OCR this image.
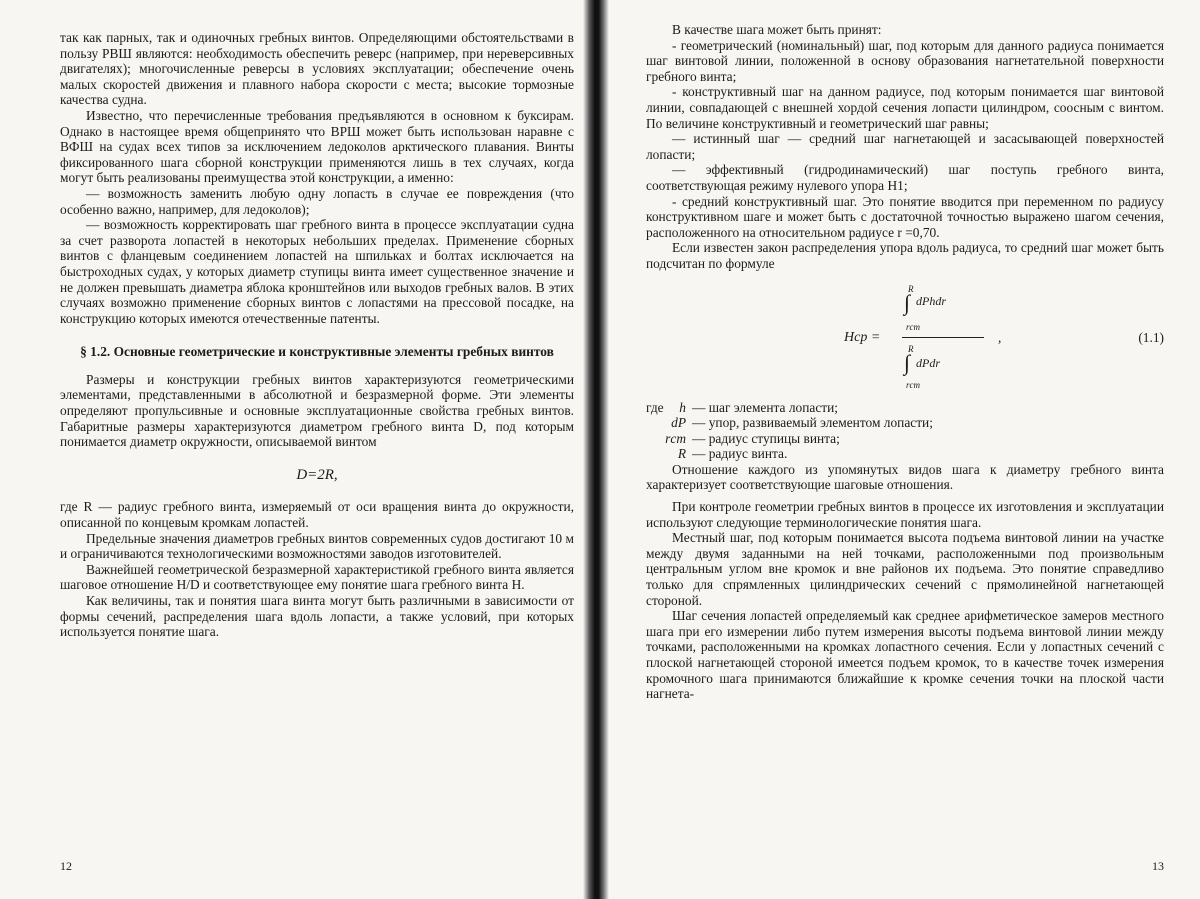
так как парных, так и одиночных гребных винтов. Определяющими обстоятельствами в пользу РВШ являются: необходимость обеспечить реверс (например, при нереверсивных двигателях); многочисленные реверсы в условиях эксплуатации; обеспечение очень малых скоростей движения и плавного набора скорости с места; высокие тормозные качества судна.

Известно, что перечисленные требования предъявляются в основном к буксирам. Однако в настоящее время общепринято что ВРШ может быть использован наравне с ВФШ на судах всех типов за исключением ледоколов арктического плавания. Винты фиксированного шага сборной конструкции применяются лишь в тех случаях, когда могут быть реализованы преимущества этой конструкции, а именно:

— возможность заменить любую одну лопасть в случае ее повреждения (что особенно важно, например, для ледоколов);

— возможность корректировать шаг гребного винта в процессе эксплуатации судна за счет разворота лопастей в некоторых небольших пределах. Применение сборных винтов с фланцевым соединением лопастей на шпильках и болтах исключается на быстроходных судах, у которых диаметр ступицы винта имеет существенное значение и не должен превышать диаметра яблока кронштейнов или выходов гребных валов. В этих случаях возможно применение сборных винтов с лопастями на прессовой посадке, на конструкцию которых имеются отечественные патенты.

§ 1.2. Основные геометрические и конструктивные элементы гребных винтов

Размеры и конструкции гребных винтов характеризуются геометрическими элементами, представленными в абсолютной и безразмерной форме. Эти элементы определяют пропульсивные и основные эксплуатационные свойства гребных винтов. Габаритные размеры характеризуются диаметром гребного винта D, под которым понимается диаметр окружности, описываемой винтом

D=2R,

где R — радиус гребного винта, измеряемый от оси вращения винта до окружности, описанной по концевым кромкам лопастей.

Предельные значения диаметров гребных винтов современных судов достигают 10 м и ограничиваются технологическими возможностями заводов изготовителей.

Важнейшей геометрической безразмерной характеристикой гребного винта является шаговое отношение H/D и соответствующее ему понятие шага гребного винта H.

Как величины, так и понятия шага винта могут быть различными в зависимости от формы сечений, распределения шага вдоль лопасти, а также условий, при которых используется понятие шага.

12

В качестве шага может быть принят:

- геометрический (номинальный) шаг, под которым для данного радиуса понимается шаг винтовой линии, положенной в основу образования нагнетательной поверхности гребного винта;

- конструктивный шаг на данном радиусе, под которым понимается шаг винтовой линии, совпадающей с внешней хордой сечения лопасти цилиндром, соосным с винтом. По величине конструктивный и геометрический шаг равны;

— истинный шаг — средний шаг нагнетающей и засасывающей поверхностей лопасти;

— эффективный (гидродинамический) шаг поступь гребного винта, соответствующая режиму нулевого упора H1;

- средний конструктивный шаг. Это понятие вводится при переменном по радиусу конструктивном шаге и может быть с достаточной точностью выражено шагом сечения, расположенного на относительном радиусе r =0,70.

Если известен закон распределения упора вдоль радиуса, то средний шаг может быть подсчитан по формуле

Hср =
R
∫ dPhdr
rст
R
∫ dPdr
rст
,	(1.1)
где	h — шаг элемента лопасти;
dP — упор, развиваемый элементом лопасти;
rст — радиус ступицы винта;
R — радиус винта.

Отношение каждого из упомянутых видов шага к диаметру гребного винта характеризует соответствующие шаговые отношения.

При контроле геометрии гребных винтов в процессе их изготовления и эксплуатации используют следующие терминологические понятия шага.

Местный шаг, под которым понимается высота подъема винтовой линии на участке между двумя заданными на ней точками, расположенными под произвольным центральным углом вне кромок и вне районов их подъема. Это понятие справедливо только для спрямленных цилиндрических сечений с прямолинейной нагнетающей стороной.

Шаг сечения лопастей определяемый как среднее арифметическое замеров местного шага при его измерении либо путем измерения высоты подъема винтовой линии между точками, расположенными на кромках лопастного сечения. Если у лопастных сечений с плоской нагнетающей стороной имеется подъем кромок, то в качестве точек измерения кромочного шага принимаются ближайшие к кромке сечения точки на плоской части нагнета-

13
